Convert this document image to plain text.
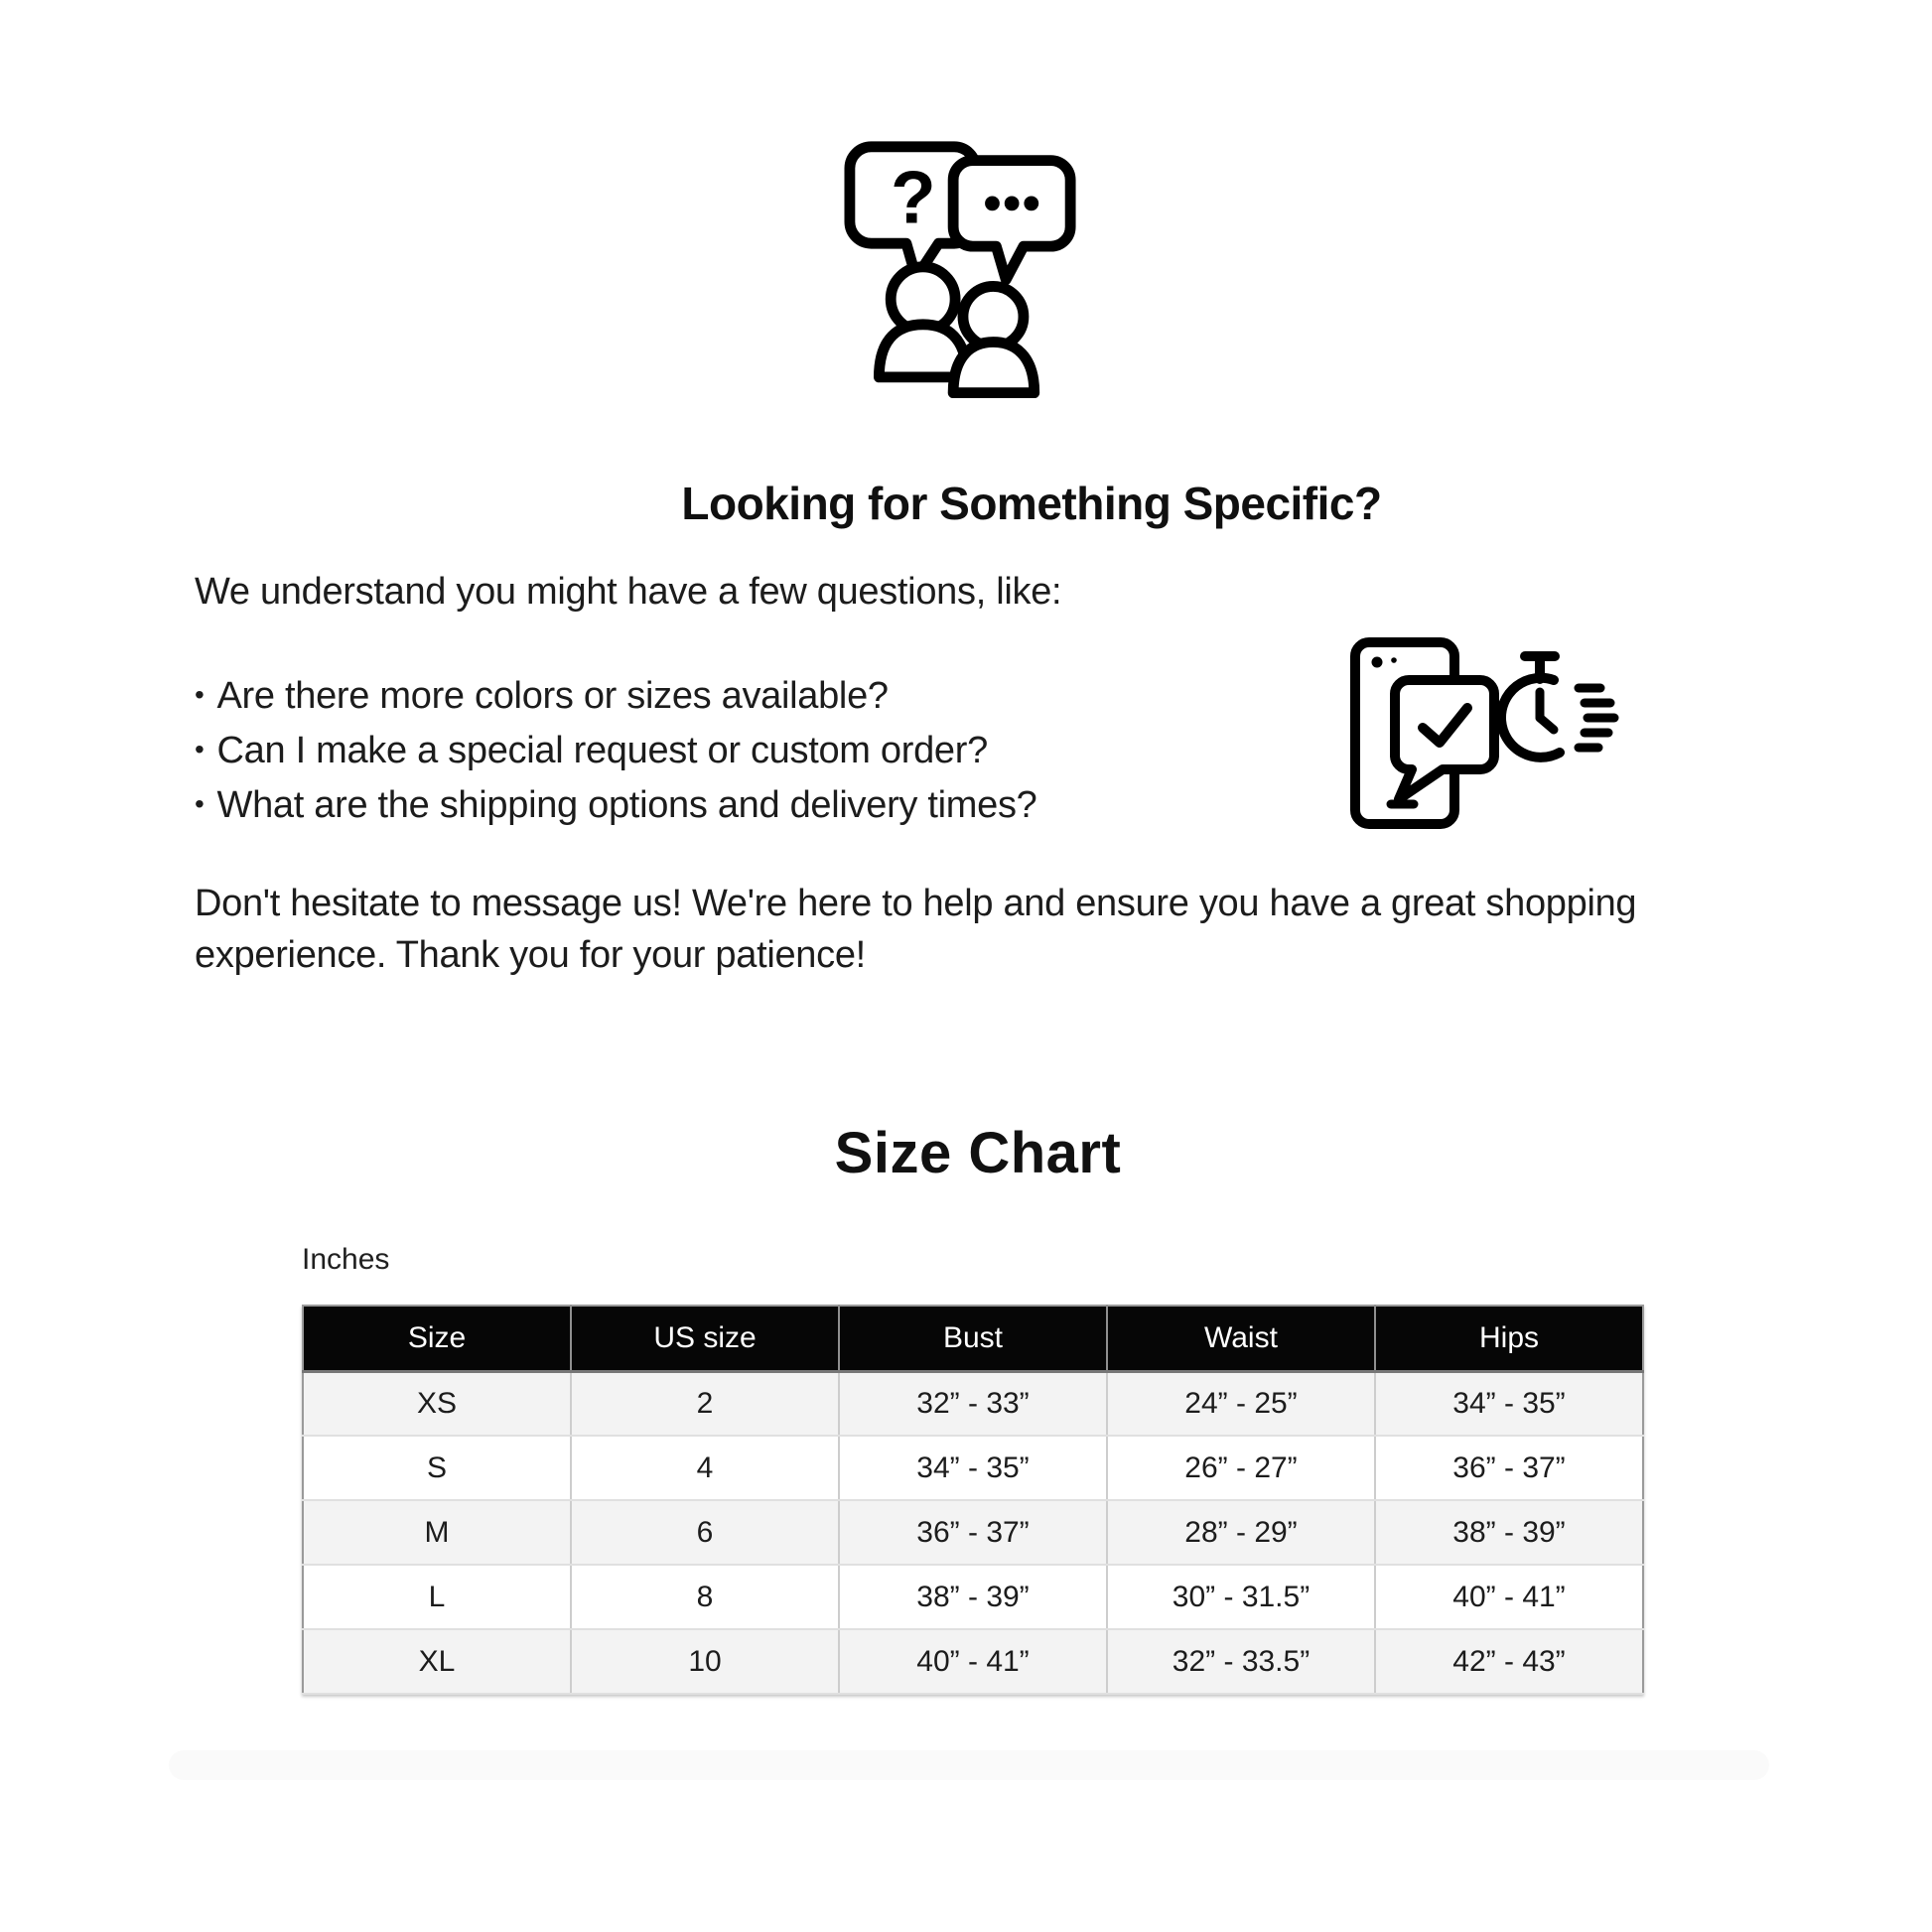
?
Looking for Something Specific?

We understand you might have a few questions, like:

• Are there more colors or sizes available?
• Can I make a special request or custom order?
• What are the shipping options and delivery times?

Don't hesitate to message us! We're here to help and ensure you have a great shopping experience. Thank you for your patience!

Size Chart
Inches
Size	US size	Bust	Waist	Hips
XS	2	32” - 33”	24” - 25”	34” - 35”
S	4	34” - 35”	26” - 27”	36” - 37”
M	6	36” - 37”	28” - 29”	38” - 39”
L	8	38” - 39”	30” - 31.5”	40” - 41”
XL	10	40” - 41”	32” - 33.5”	42” - 43”
